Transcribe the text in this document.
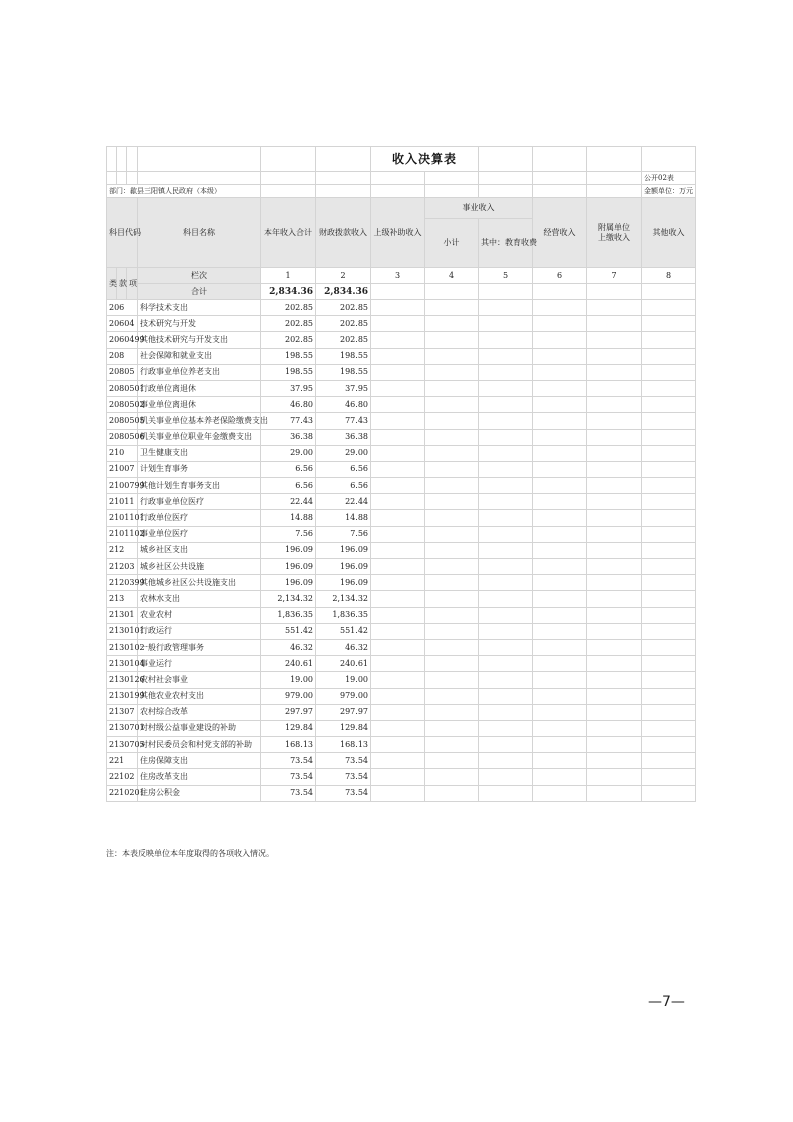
						收入决算表					
											公开02表
部门：歙县三阳镇人民政府（本级）											金额单位：万元
科目代码			科目名称	本年收入合计	财政拨款收入	上级补助收入	事业收入		经营收入	附属单位
上缴收入	其他收入
							小计	其中：教育收费			
类	款	项	栏次	1	2	3	4	5	6	7	8
			合计	2,834.36	2,834.36						
206			科学技术支出	202.85	202.85						
20604			技术研究与开发	202.85	202.85						
2060499			其他技术研究与开发支出	202.85	202.85						
208			社会保障和就业支出	198.55	198.55						
20805			行政事业单位养老支出	198.55	198.55						
2080501			行政单位离退休	37.95	37.95						
2080502			事业单位离退休	46.80	46.80						
2080505			机关事业单位基本养老保险缴费支出	77.43	77.43						
2080506			机关事业单位职业年金缴费支出	36.38	36.38						
210			卫生健康支出	29.00	29.00						
21007			计划生育事务	6.56	6.56						
2100799			其他计划生育事务支出	6.56	6.56						
21011			行政事业单位医疗	22.44	22.44						
2101101			行政单位医疗	14.88	14.88						
2101102			事业单位医疗	7.56	7.56						
212			城乡社区支出	196.09	196.09						
21203			城乡社区公共设施	196.09	196.09						
2120399			其他城乡社区公共设施支出	196.09	196.09						
213			农林水支出	2,134.32	2,134.32						
21301			农业农村	1,836.35	1,836.35						
2130101			行政运行	551.42	551.42						
2130102			一般行政管理事务	46.32	46.32						
2130104			事业运行	240.61	240.61						
2130126			农村社会事业	19.00	19.00						
2130199			其他农业农村支出	979.00	979.00						
21307			农村综合改革	297.97	297.97						
2130701			对村级公益事业建设的补助	129.84	129.84						
2130705			对村民委员会和村党支部的补助	168.13	168.13						
221			住房保障支出	73.54	73.54						
22102			住房改革支出	73.54	73.54						
2210201			住房公积金	73.54	73.54						
注：本表反映单位本年度取得的各项收入情况。
—7—
